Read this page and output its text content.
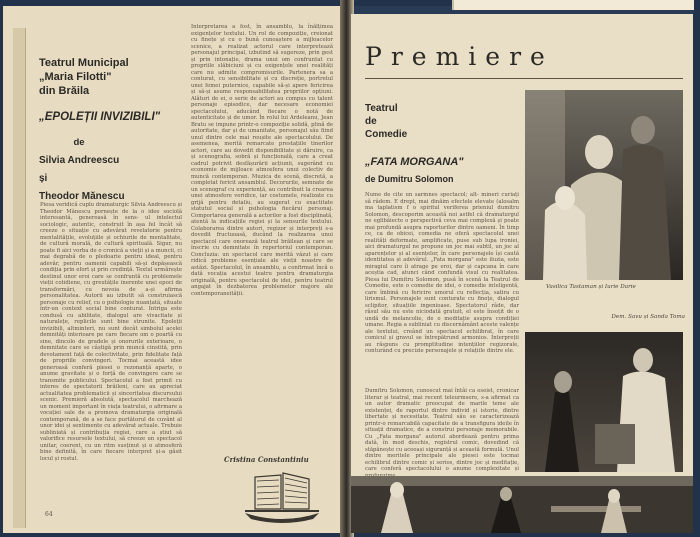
Teatrul Municipal

„Maria Filotti"

din Brăila

„EPOLEȚII INVIZIBILI"

de

Silvia Andreescu

și

Theodor Mănescu

Piesa veridică cuplu dramaturgic Silvia Andreescu și Theodor Mănescu pornește de la o idee sociolă interesantă, generoasă în sens- ul intelectul sociologic, autentic, construit în așa fel încât să creeze o situație cu adevărat revelatorie pentru mentalitățile, evoluțiile și ochiurile de mentalitate, de cultură morală, de cultură spirituală. Sigur, nu poate fi aici vorba de o cronică a vieții și a muncii, ci mai degrabă de o pledoarie pentru ideal, pentru adevăr, pentru oamenii capabili să-și depășească condiția prin efort și prin credință. Textul urmărește destinul unor eroi care se confruntă cu problemele vieții cotidiene, cu greutățile inerente unei epoci de transformări, cu nevoia de a-și afirma personalitatea. Autorii au izbutit să construiască personaje cu relief, cu o psihologie nuanțată, situate într-un context social bine conturat. Intriga este condusă cu abilitate, dialogul are vivacitate și naturalețe, replicile sunt bine strunite. Epoleții invizibili, altminteri, nu sunt decât simbolul acelei demnități interioare pe care fiecare om o poartă cu sine, dincolo de gradele și onorurile exterioare, o demnitate care se câștigă prin muncă cinstită, prin devotament față de colectivitate, prin fidelitate față de propriile convingeri. Tocmai această idee generoasă conferă piesei o rezonanță aparte, o anume gravitate și o forță de convingere care se transmite publicului. Spectacolul a fost primit cu interes de spectatorii brăileni, care au apreciat actualitatea problematicii și sinceritatea discursului scenic. Premieră absolută, spectacolul marchează un moment important în viața teatrului, o afirmare a vocației sale de a promova dramaturgia originală contemporană, de a se face purtătorul de cuvânt al unor idei și sentimente cu adevărat actuale. Trebuie subliniată și contribuția regiei, care a știut să valorifice resursele textului, să creeze un spectacol unitar, coerent, cu un ritm susținut și o atmosferă bine definită, în care fiecare interpret și-a găsit locul și rostul.

Interpretarea a fost, în ansamblu, la înălțimea exigențelor textului. Un rol de compoziție, creionat cu finețe și cu o bună cunoaștere a mijloacelor scenice, a realizat actorul care interpretează personajul principal, izbutind să sugereze, prin gest și prin intonație, drama unui om confruntat cu propriile slăbiciuni și cu exigențele unei realități care nu admite compromisurile. Partenera sa a conturat, cu sensibilitate și cu discreție, portretul unei femei puternice, capabile să-și apere fericirea și să-și asume responsabilitatea propriilor opțiuni. Alături de ei, o serie de actori au compus cu talent personaje episodice, dar necesare economiei spectacolului, aducând fiecare o notă de autenticitate și de umor. În rolul lui Ardeleanu, Jean Bratu se impune printr-o compoziție solidă, plină de autoritate, dar și de umanitate, personajul său fiind unul dintre cele mai reușite ale spectacolului. De asemenea, merită remarcate prestațiile tinerilor actori, care au dovedit disponibilitate și dăruire, ca și scenografia, sobră și funcțională, care a creat cadrul potrivit desfășurării acțiunii, sugerând cu economie de mijloace atmosfera unui colectiv de muncă contemporan. Muzica de scenă, discretă, a completat fericit ansamblul. Decorurile, semnate de un scenograf cu experiență, au contribuit la crearea unei atmosfere veridice, iar costumele, realizate cu grijă pentru detaliu, au sugerat cu exactitate statutul social și psihologia fiecărui personaj. Comportarea generală a actorilor a fost disciplinată, atentă la indicațiile regiei și la sensurile textului. Colaborarea dintre autori, regizor și interpreți s-a dovedit fructuoasă, ducând la realizarea unui spectacol care onorează teatrul brăilean și care se înscrie cu demnitate în repertoriul contemporan. Concluzia: un spectacol care merită văzut și care ridică probleme esențiale ale vieții noastre de astăzi. Spectacolul, în ansamblu, a confirmat încă o dată vocația acestui teatru pentru dramaturgia originală, pentru spectacolul de idei, pentru teatrul angajat în dezbaterea problemelor majore ale contemporaneității.

Cristina Constantiniu
64
Premiere

Teatrul

de

Comedie

„FATA MORGANA"

de Dumitru Solomon

Vasilica Tastaman și Iurie Darie

Nume de cite un sarmnes spectacol; alt- mineri curiați să râdem. E drept, mai dinăim efectele elevate (alosalm ma taplatism f o spiritul veriferea prieniul dumitru Solomon, descoperim această noi astfel că dramaturgul ne eglibăiecte o perspectivă ceva mai complexă și poate mai profundă asupra raporturilor dintre oameni. În timp ce, ca de obicei, comedia ne oferă spectacolul unei realități deformate, amplificate, puse sub lupa ironiei, aici dramaturgul ne propune un joc mai subtil, un joc al aparențelor și al esențelor, în care personajele își caută identitatea și adevărul. „Fata morgana" este iluzia, este miragiul care îi atrage pe eroi, dar și capcana în care aceștia cad, atunci când confundă visul cu realitatea. Piesa lui Dumitru Solomon, pusă în scenă la Teatrul de Comedie, este o comedie de idei, o comedie inteligentă, care îmbină cu fericire umorul cu reflecția, satira cu lirismul. Personajele sunt conturate cu finețe, dialogul sclipitor, situațiile ingenioase. Spectatorul râde, dar râsul său nu este niciodată gratuit, el este însoțit de o undă de melancolie, de o meditație asupra condiției umane. Regia a subliniat cu discernământ aceste valențe ale textului, creând un spectacol echilibrat, în care comicul și gravul se întrepătrund armonios. Interpreții au răspuns cu promptitudine intențiilor regizorale, conturând cu precizie personajele și relațiile dintre ele.

Dem. Savu și Sanda Toma

Dumitru Solomon, cunoscut mai întâi ca eseist, croniсar literar și teatral, mai recent teleurmsere, s-a afirmat ca un autor dramatic preocupat de marile teme ale existenței, de raportul dintre individ și istorie, dintre libertate și necesitate. Teatrul său se caracterizează printr-o remarcabilă capacitate de a transfigura ideile în situații dramatice, de a construi personaje memorabile. Cu „Fata morgana" autorul abordează pentru prima dată, în mod deschis, registrul comic, dovedind că stăpânește cu aceeași siguranță și această formulă. Unul dintre meritele principale ale piesei este tocmai echilibrul dintre comic și serios, dintre joc și meditație, care conferă spectacolului o anume complexitate și
